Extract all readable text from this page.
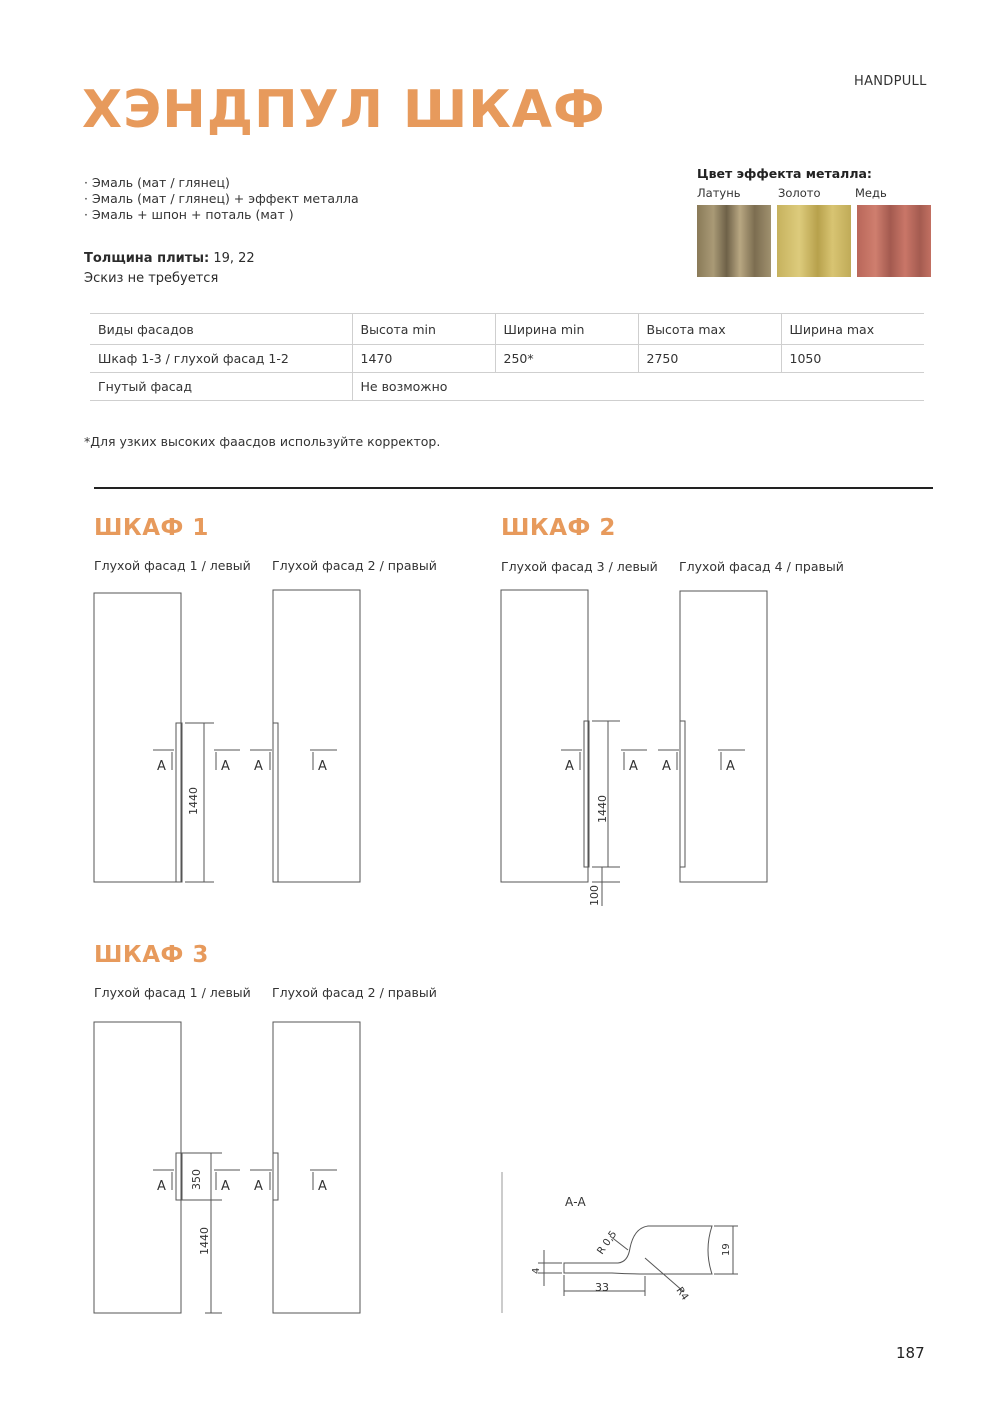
HANDPULL
ХЭНДПУЛ ШКАФ
· Эмаль (мат / глянец)
· Эмаль (мат / глянец) + эффект металла
· Эмаль + шпон + поталь (мат )
Толщина плиты: 19, 22
Эскиз не требуется
Цвет эффекта металла:
Латунь	Золото	Медь
Виды фасадов	Высота min	Ширина min	Высота max	Ширина max
Шкаф 1-3 / глухой фасад 1-2	1470	250*	2750	1050
Гнутый фасад	Не возможно			
*Для узких высоких фаасдов используйте корректор.
ШКАФ 1
Глухой фасад 1 / левый Глухой фасад 2 / правый
ШКАФ 2
Глухой фасад 3 / левый Глухой фасад 4 / правый
ШКАФ 3
Глухой фасад 1 / левый Глухой фасад 2 / правый
A	A A	A	A	A A	A
A	A A	A
1440	1440
100
350
1440
А-А
R 0,5
R4
33
4
19
187
